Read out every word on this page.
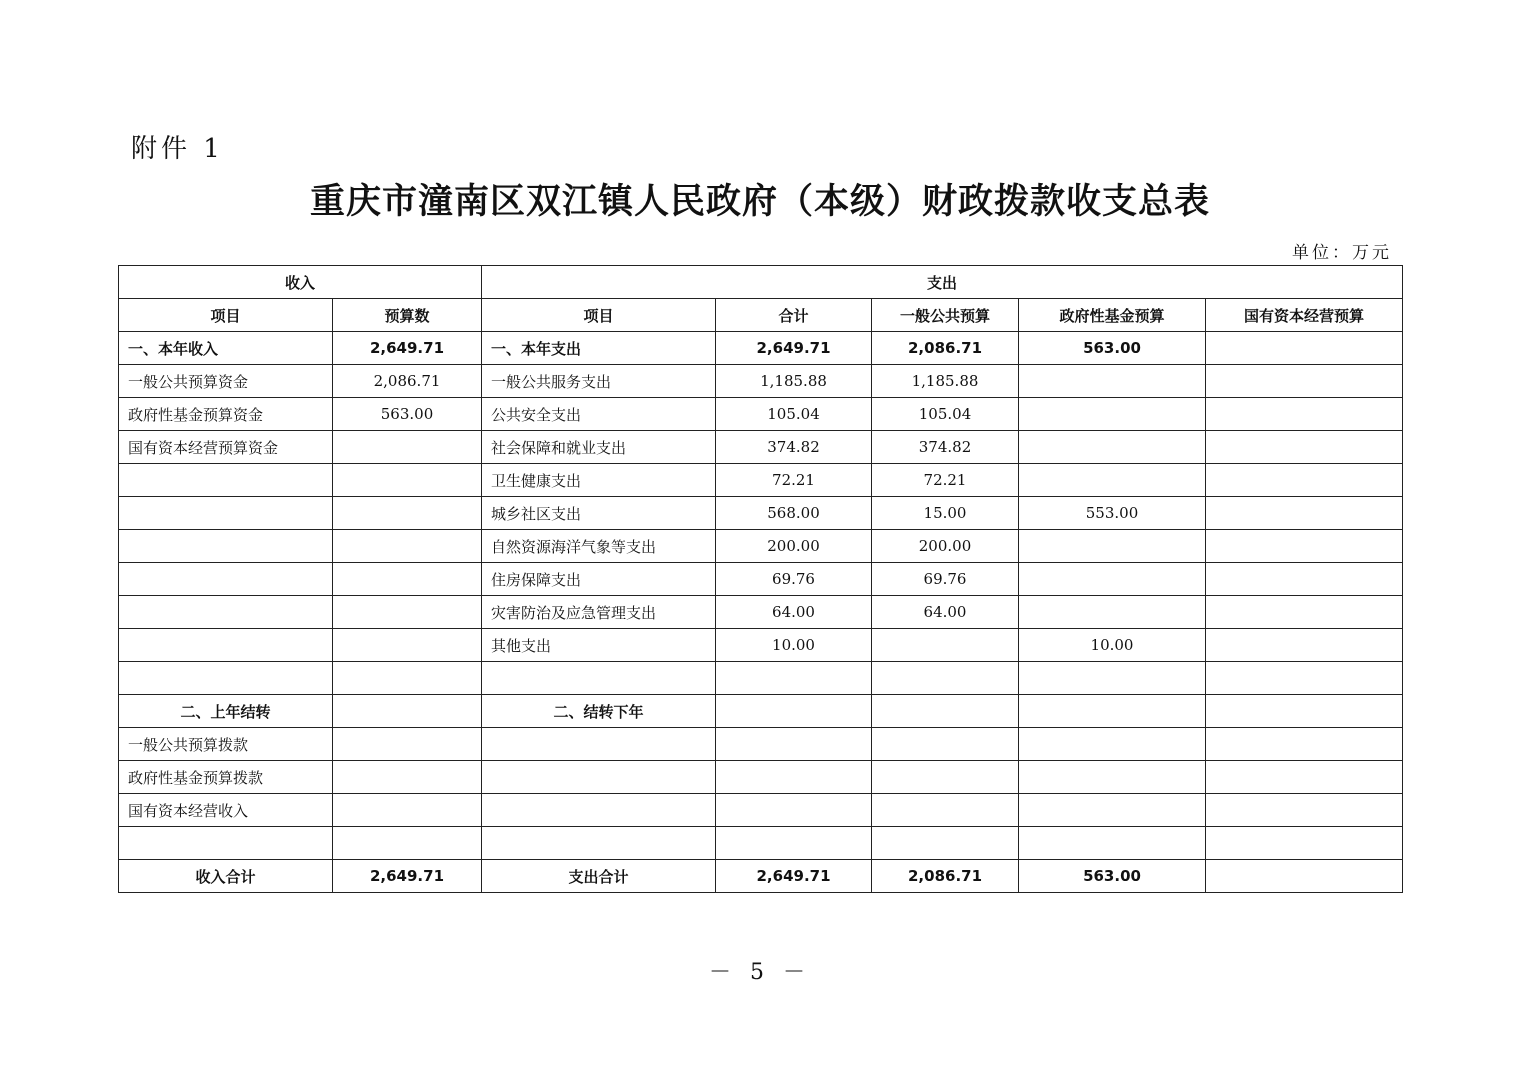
附件 1
重庆市潼南区双江镇人民政府（本级）财政拨款收支总表
单位：万元
收入		支出				
项目	预算数	项目	合计	一般公共预算	政府性基金预算	国有资本经营预算
一、本年收入	2,649.71	一、本年支出	2,649.71	2,086.71	563.00	
一般公共预算资金	2,086.71	一般公共服务支出	1,185.88	1,185.88		
政府性基金预算资金	563.00	公共安全支出	105.04	105.04		
国有资本经营预算资金		社会保障和就业支出	374.82	374.82		
		卫生健康支出	72.21	72.21		
		城乡社区支出	568.00	15.00	553.00	
		自然资源海洋气象等支出	200.00	200.00		
		住房保障支出	69.76	69.76		
		灾害防治及应急管理支出	64.00	64.00		
		其他支出	10.00		10.00	

二、上年结转		二、结转下年				
一般公共预算拨款						
政府性基金预算拨款						
国有资本经营收入						

收入合计	2,649.71	支出合计	2,649.71	2,086.71	563.00	
－ 5 －
